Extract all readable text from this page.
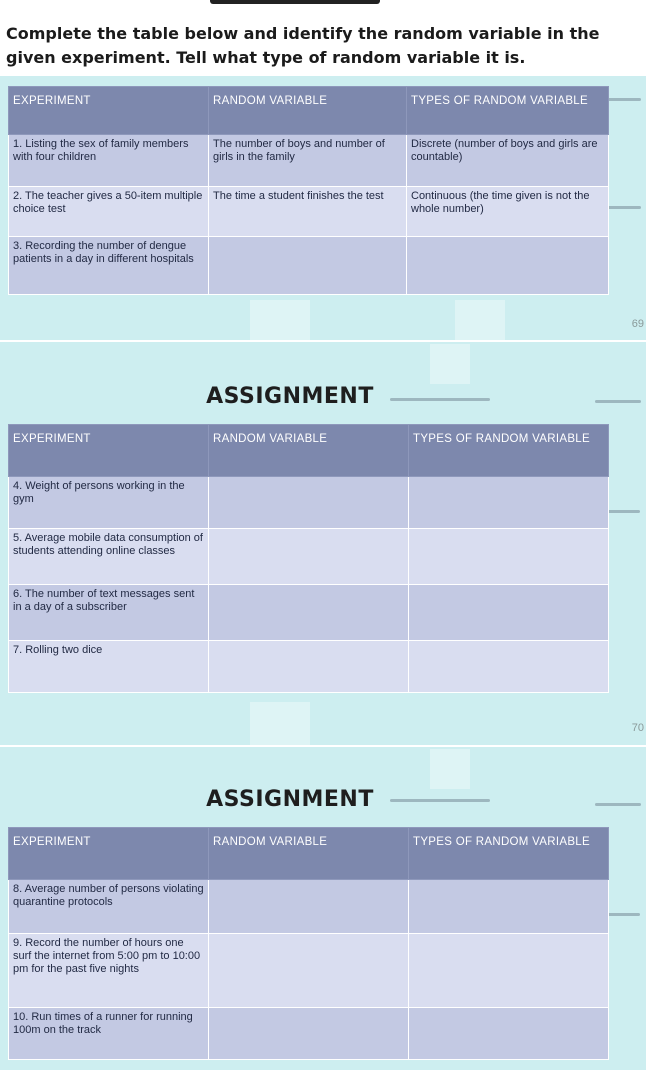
Complete the table below and identify the random variable in the given experiment. Tell what type of random variable it is.
EXPERIMENT	RANDOM VARIABLE	TYPES OF RANDOM VARIABLE
1. Listing the sex of family members with four children	The number of boys and number of girls in the family	Discrete (number of boys and girls are countable)
2. The teacher gives a 50-item multiple choice test	The time a student finishes the test	Continuous (the time given is not the whole number)
3. Recording the number of dengue patients in a day in different hospitals		
69
ASSIGNMENT
EXPERIMENT	RANDOM VARIABLE	TYPES OF RANDOM VARIABLE
4. Weight of persons working in the gym		
5. Average mobile data consumption of students attending online classes		
6. The number of text messages sent in a day of a subscriber		
7. Rolling two dice		
70
ASSIGNMENT
EXPERIMENT	RANDOM VARIABLE	TYPES OF RANDOM VARIABLE
8. Average number of persons violating quarantine protocols		
9. Record the number of hours one surf the internet from 5:00 pm to 10:00 pm for the past five nights		
10. Run times of a runner for running 100m on the track		
